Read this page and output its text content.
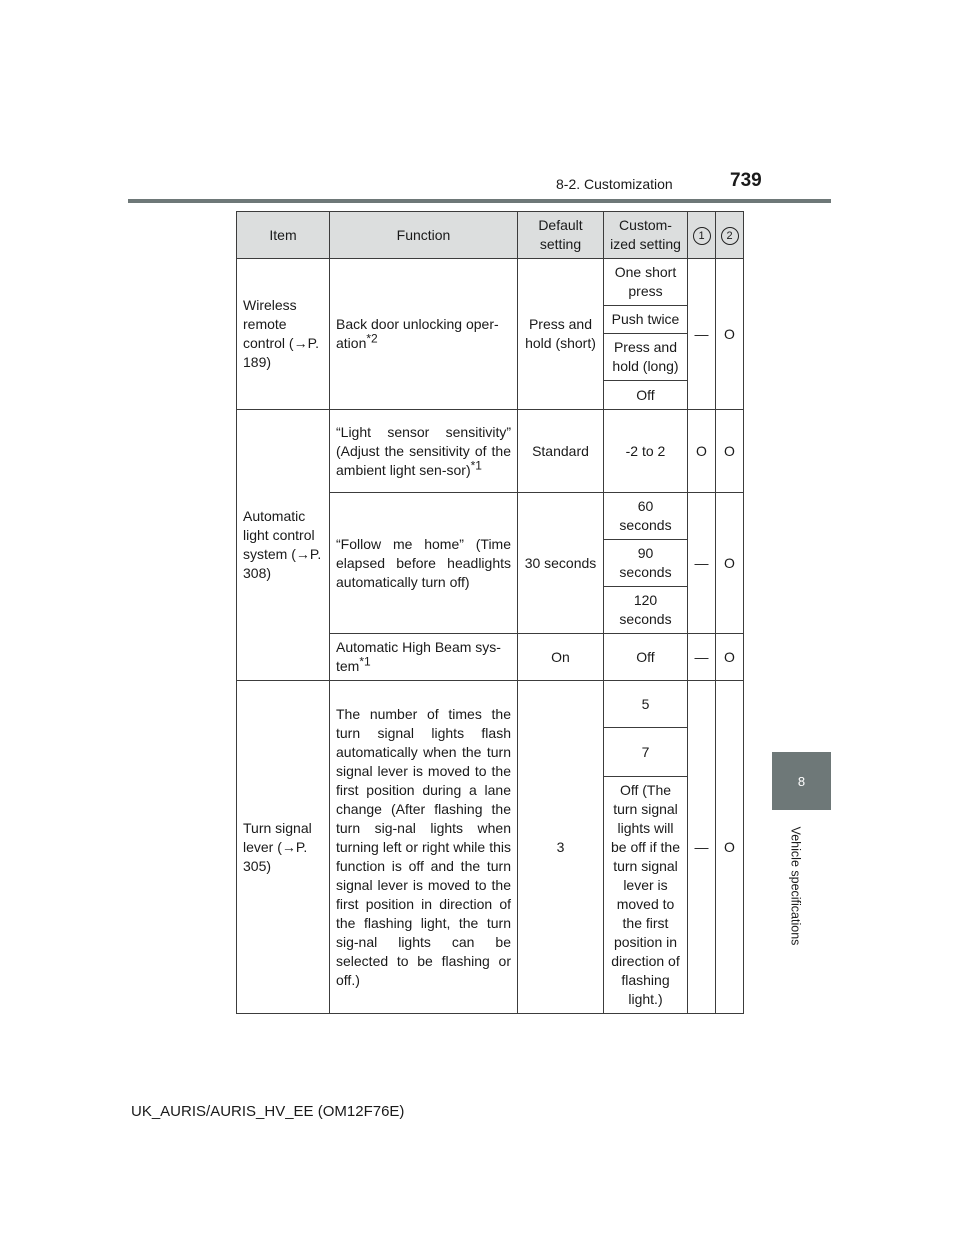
8-2. Customization	739
8
Vehicle specifications
Item	Function	Default setting	Custom-ized setting	1	2
Wireless remote control (→P. 189)	Back door unlocking oper-ation$^{*2}$	Press and hold (short)	One short press	—	O
			Push twice		
			Press and hold (long)		
			Off		
Automatic light control system (→P. 308)	“Light sensor sensitivity” (Adjust the sensitivity of the ambient light sen-sor)$^{*1}$	Standard	-2 to 2	O	O
	“Follow me home” (Time elapsed before headlights automatically turn off)	30 seconds	60 seconds	—	O
			90 seconds		
			120 seconds		
	Automatic High Beam sys-tem$^{*1}$	On	Off	—	O
Turn signal lever (→P. 305)	The number of times the turn signal lights flash automatically when the turn signal lever is moved to the first position during a lane change (After flashing the turn sig-nal lights when turning left or right while this function is off and the turn signal lever is moved to the first position in direction of the flashing light, the turn sig-nal lights can be selected to be flashing or off.)	3	5	—	O
			7		
			Off (The turn signal lights will be off if the turn signal lever is moved to the first position in direction of flashing light.)		
UK_AURIS/AURIS_HV_EE (OM12F76E)
